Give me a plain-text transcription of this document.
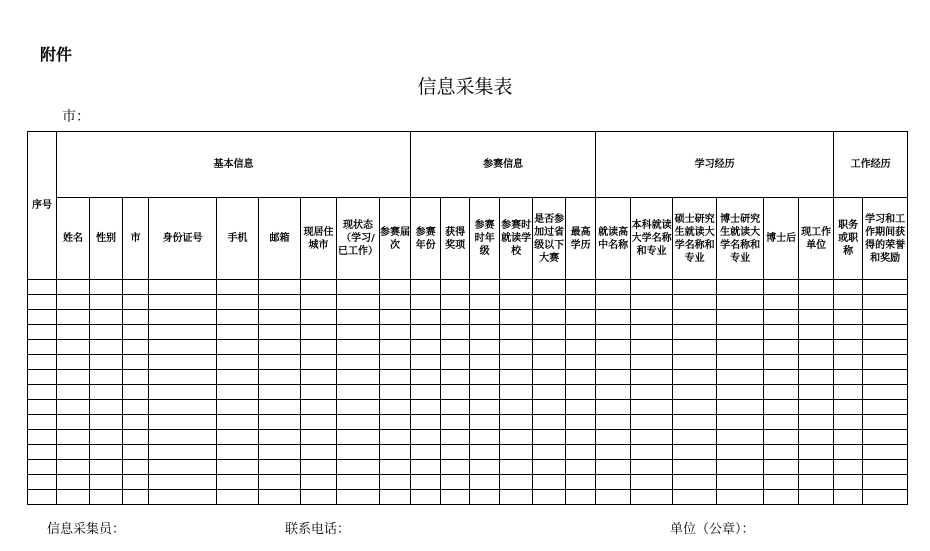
附件
信息采集表
市：
序号	基本信息									参赛信息						学习经历						工作经历	
	姓名	性别	市	身份证号	手机	邮箱	现居住城市	现状态（学习/已工作）	参赛届次	参赛年份	获得奖项	参赛时年级	参赛时就读学校	是否参加过省级以下大赛	最高学历	就读高中名称	本科就读大学名称和专业	硕士研究生就读大学名称和专业	博士研究生就读大学名称和专业	博士后	现工作单位	职务或职称	学习和工作期间获得的荣誉和奖励	

信息采集员：	联系电话：	单位（公章）：
